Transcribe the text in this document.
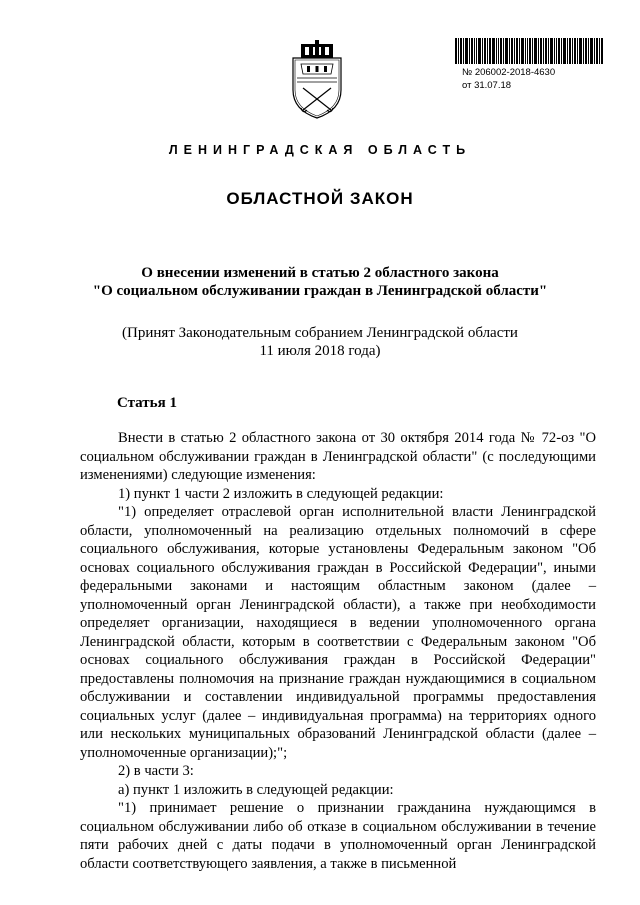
№ 206002-2018-4630
от 31.07.18
ЛЕНИНГРАДСКАЯ ОБЛАСТЬ
ОБЛАСТНОЙ ЗАКОН
О внесении изменений в статью 2 областного закона
"О социальном обслуживании граждан в Ленинградской области"
(Принят Законодательным собранием Ленинградской области
11 июля 2018 года)
Статья 1

Внести в статью 2 областного закона от 30 октября 2014 года № 72-оз "О социальном обслуживании граждан в Ленинградской области" (с последующими изменениями) следующие изменения:

1) пункт 1 части 2 изложить в следующей редакции:

"1) определяет отраслевой орган исполнительной власти Ленинградской области, уполномоченный на реализацию отдельных полномочий в сфере социального обслуживания, которые установлены Федеральным законом "Об основах социального обслуживания граждан в Российской Федерации", иными федеральными законами и настоящим областным законом (далее – уполномоченный орган Ленинградской области), а также при необходимости определяет организации, находящиеся в ведении уполномоченного органа Ленинградской области, которым в соответствии с Федеральным законом "Об основах социального обслуживания граждан в Российской Федерации" предоставлены полномочия на признание граждан нуждающимися в социальном обслуживании и составлении индивидуальной программы предоставления социальных услуг (далее – индивидуальная программа) на территориях одного или нескольких муниципальных образований Ленинградской области (далее – уполномоченные организации);";

2) в части 3:

а) пункт 1 изложить в следующей редакции:

"1) принимает решение о признании гражданина нуждающимся в социальном обслуживании либо об отказе в социальном обслуживании в течение пяти рабочих дней с даты подачи в уполномоченный орган Ленинградской области соответствующего заявления, а также в письменной
